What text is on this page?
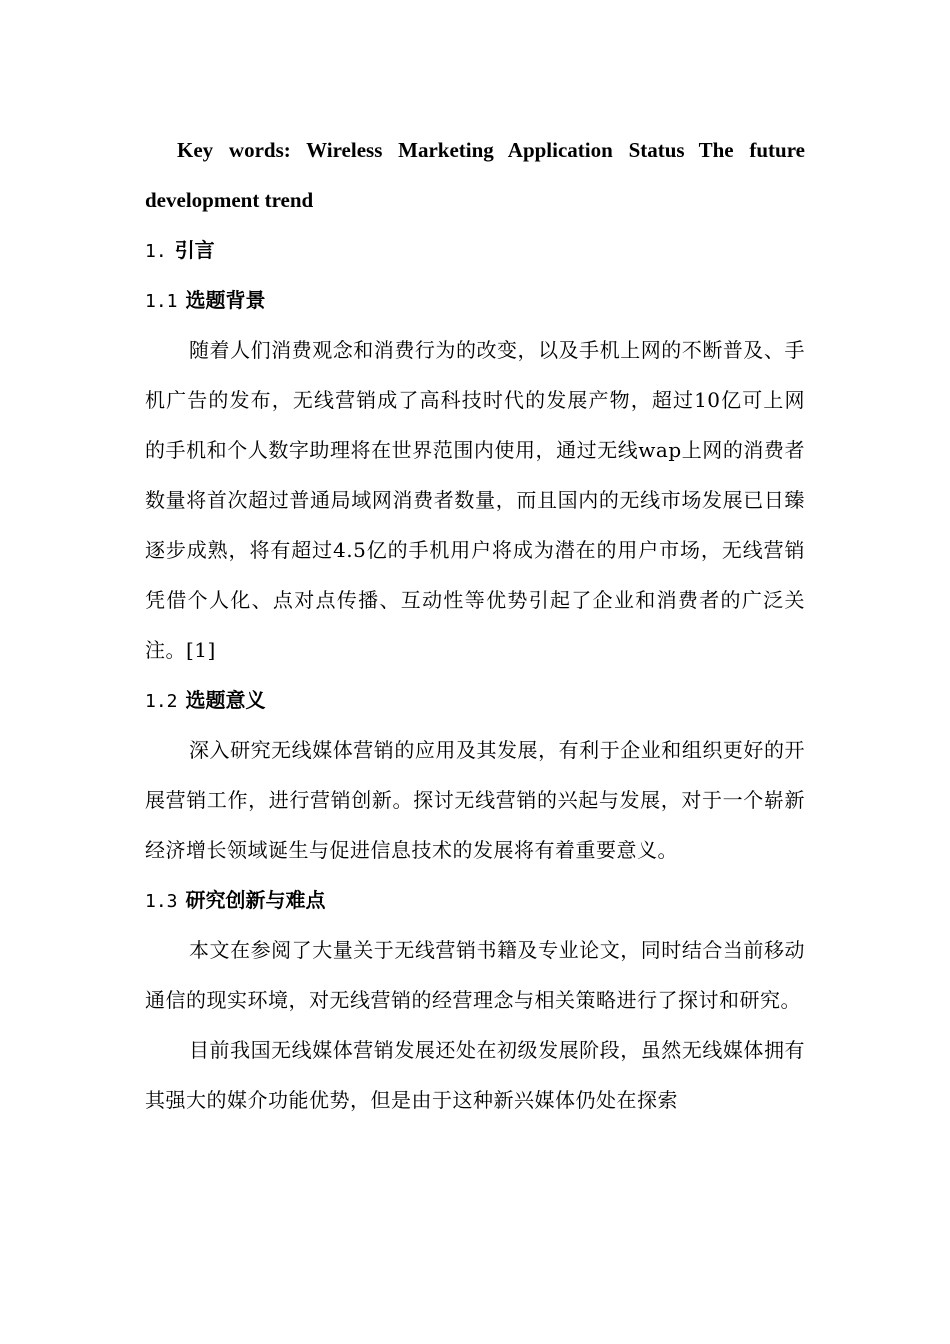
Key words: Wireless Marketing Application Status The future
development trend
1. 引言
1.1 选题背景
随着人们消费观念和消费行为的改变，以及手机上网的不断普及、手机广告的发布，无线营销成了高科技时代的发展产物，超过10亿可上网的手机和个人数字助理将在世界范围内使用，通过无线wap上网的消费者数量将首次超过普通局域网消费者数量，而且国内的无线市场发展已日臻逐步成熟，将有超过4.5亿的手机用户将成为潜在的用户市场，无线营销凭借个人化、点对点传播、互动性等优势引起了企业和消费者的广泛关注。[1]
1.2 选题意义
深入研究无线媒体营销的应用及其发展，有利于企业和组织更好的开展营销工作，进行营销创新。探讨无线营销的兴起与发展，对于一个崭新经济增长领域诞生与促进信息技术的发展将有着重要意义。
1.3 研究创新与难点
本文在参阅了大量关于无线营销书籍及专业论文，同时结合当前移动通信的现实环境，对无线营销的经营理念与相关策略进行了探讨和研究。
目前我国无线媒体营销发展还处在初级发展阶段，虽然无线媒体拥有其强大的媒介功能优势，但是由于这种新兴媒体仍处在探索
